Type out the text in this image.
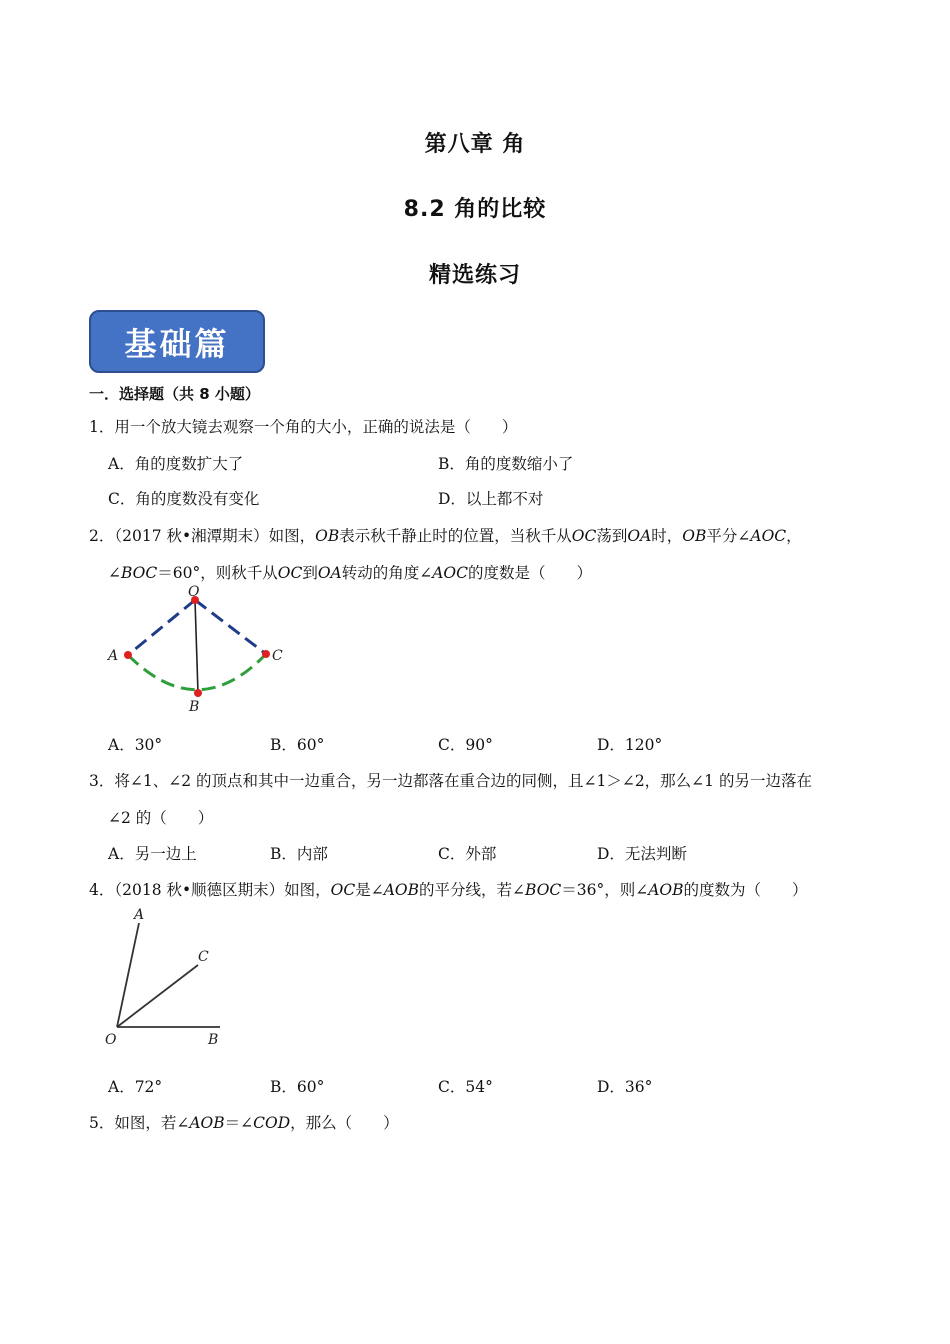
第八章 角
8.2 角的比较
精选练习
基础篇
一．选择题（共 8 小题）
1．用一个放大镜去观察一个角的大小，正确的说法是（　　）
A．角的度数扩大了	B．角的度数缩小了
C．角的度数没有变化	D．以上都不对
2．（2017 秋•湘潭期末）如图，OB表示秋千静止时的位置，当秋千从OC荡到OA时，OB平分∠AOC，
∠BOC＝60°，则秋千从OC到OA转动的角度∠AOC的度数是（　　）
O
A	C
B
A．30°	B．60°	C．90°	D．120°
3．将∠1、∠2 的顶点和其中一边重合，另一边都落在重合边的同侧，且∠1＞∠2，那么∠1 的另一边落在
∠2 的（　　）
A．另一边上	B．内部	C．外部	D．无法判断
4．（2018 秋•顺德区期末）如图，OC是∠AOB的平分线，若∠BOC＝36°，则∠AOB的度数为（　　）
A
C
O	B
A．72°	B．60°	C．54°	D．36°
5．如图，若∠AOB＝∠COD，那么（　　）
